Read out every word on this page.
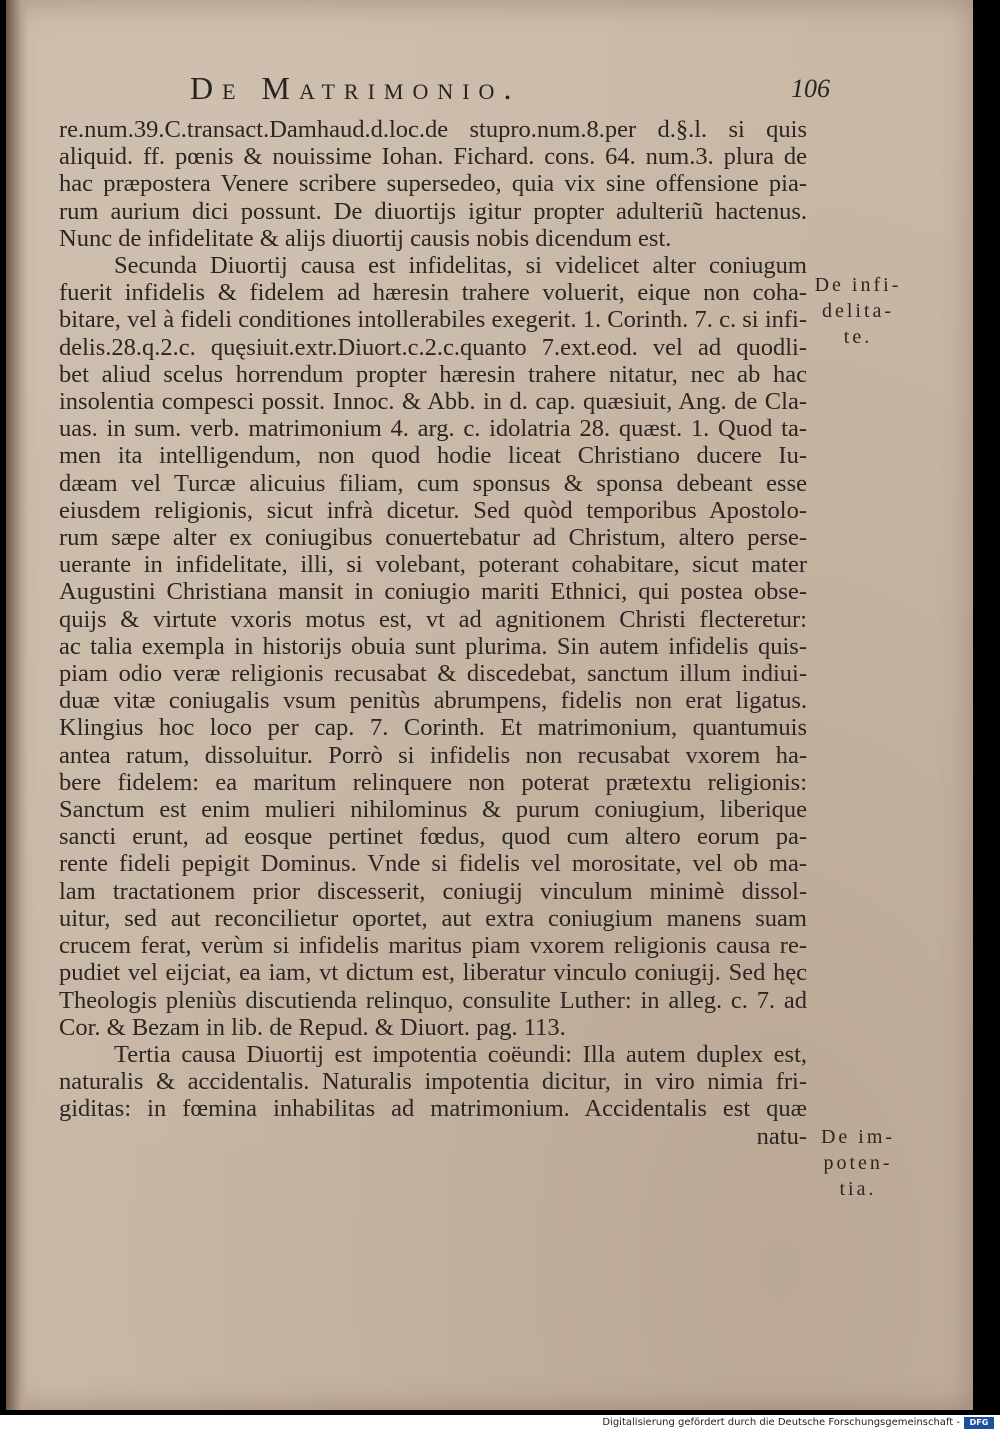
De Matrimonio.	106
re.num.39.C.transact.Damhaud.d.loc.de stupro.num.8.per d.§.l. si quis
aliquid. ff. pœnis & nouissime Iohan. Fichard. cons. 64. num.3. plura de
hac præpostera Venere scribere supersedeo, quia vix sine offensione pia-
rum aurium dici possunt. De diuortijs igitur propter adulteriũ hactenus.
Nunc de infidelitate & alijs diuortij causis nobis dicendum est.
Secunda Diuortij causa est infidelitas, si videlicet alter coniugum
fuerit infidelis & fidelem ad hæresin trahere voluerit, eique non coha-
bitare, vel à fideli conditiones intollerabiles exegerit. 1. Corinth. 7. c. si infi-
delis.28.q.2.c. quęsiuit.extr.Diuort.c.2.c.quanto 7.ext.eod. vel ad quodli-
bet aliud scelus horrendum propter hæresin trahere nitatur, nec ab hac
insolentia compesci possit. Innoc. & Abb. in d. cap. quæsiuit, Ang. de Cla-
uas. in sum. verb. matrimonium 4. arg. c. idolatria 28. quæst. 1. Quod ta-
men ita intelligendum, non quod hodie liceat Christiano ducere Iu-
dæam vel Turcæ alicuius filiam, cum sponsus & sponsa debeant esse
eiusdem religionis, sicut infrà dicetur. Sed quòd temporibus Apostolo-
rum sæpe alter ex coniugibus conuertebatur ad Christum, altero perse-
uerante in infidelitate, illi, si volebant, poterant cohabitare, sicut mater
Augustini Christiana mansit in coniugio mariti Ethnici, qui postea obse-
quijs & virtute vxoris motus est, vt ad agnitionem Christi flecteretur:
ac talia exempla in historijs obuia sunt plurima. Sin autem infidelis quis-
piam odio veræ religionis recusabat & discedebat, sanctum illum indiui-
duæ vitæ coniugalis vsum penitùs abrumpens, fidelis non erat ligatus.
Klingius hoc loco per cap. 7. Corinth. Et matrimonium, quantumuis
antea ratum, dissoluitur. Porrò si infidelis non recusabat vxorem ha-
bere fidelem: ea maritum relinquere non poterat prætextu religionis:
Sanctum est enim mulieri nihilominus & purum coniugium, liberique
sancti erunt, ad eosque pertinet fœdus, quod cum altero eorum pa-
rente fideli pepigit Dominus. Vnde si fidelis vel morositate, vel ob ma-
lam tractationem prior discesserit, coniugij vinculum minimè dissol-
uitur, sed aut reconcilietur oportet, aut extra coniugium manens suam
crucem ferat, verùm si infidelis maritus piam vxorem religionis causa re-
pudiet vel eijciat, ea iam, vt dictum est, liberatur vinculo coniugij. Sed hęc
Theologis pleniùs discutienda relinquo, consulite Luther: in alleg. c. 7. ad
Cor. & Bezam in lib. de Repud. & Diuort. pag. 113.
Tertia causa Diuortij est impotentia coëundi: Illa autem duplex est,
naturalis & accidentalis. Naturalis impotentia dicitur, in viro nimia fri-
giditas: in fœmina inhabilitas ad matrimonium. Accidentalis est quæ
natu-
De infi-
delita-
te.
De im-
poten-
tia.
Digitalisierung gefördert durch die Deutsche Forschungsgemeinschaft -	DFG
